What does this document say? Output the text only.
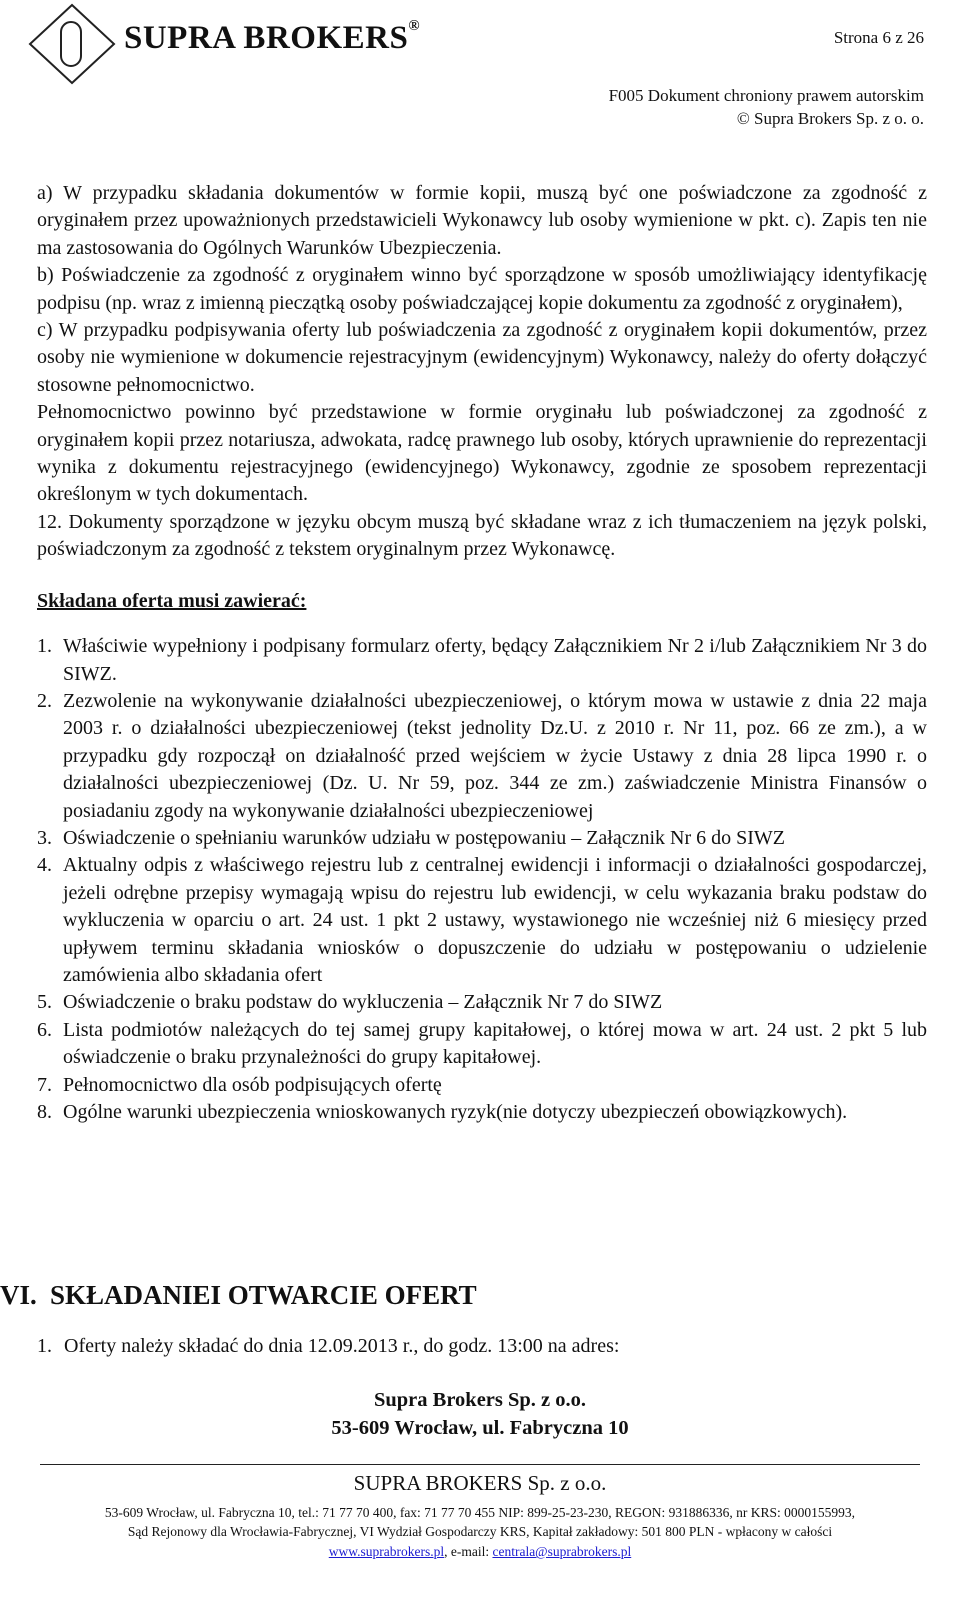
SUPRA BROKERS®
Strona 6 z 26
F005 Dokument chroniony prawem autorskim
© Supra Brokers Sp. z o. o.

a) W przypadku składania dokumentów w formie kopii, muszą być one poświadczone za zgodność z oryginałem przez upoważnionych przedstawicieli Wykonawcy lub osoby wymienione w pkt. c). Zapis ten nie ma zastosowania do Ogólnych Warunków Ubezpieczenia.

b) Poświadczenie za zgodność z oryginałem winno być sporządzone w sposób umożliwiający identyfikację podpisu (np. wraz z imienną pieczątką osoby poświadczającej kopie dokumentu za zgodność z oryginałem),

c) W przypadku podpisywania oferty lub poświadczenia za zgodność z oryginałem kopii dokumentów, przez osoby nie wymienione w dokumencie rejestracyjnym (ewidencyjnym) Wykonawcy, należy do oferty dołączyć stosowne pełnomocnictwo.

Pełnomocnictwo powinno być przedstawione w formie oryginału lub poświadczonej za zgodność z oryginałem kopii przez notariusza, adwokata, radcę prawnego lub osoby, których uprawnienie do reprezentacji wynika z dokumentu rejestracyjnego (ewidencyjnego) Wykonawcy, zgodnie ze sposobem reprezentacji określonym w tych dokumentach.

12. Dokumenty sporządzone w języku obcym muszą być składane wraz z ich tłumaczeniem na język polski, poświadczonym za zgodność z tekstem oryginalnym przez Wykonawcę.

Składana oferta musi zawierać:

1. Właściwie wypełniony i podpisany formularz oferty, będący Załącznikiem Nr 2 i/lub Załącznikiem Nr 3 do SIWZ.
2. Zezwolenie na wykonywanie działalności ubezpieczeniowej, o którym mowa w ustawie z dnia 22 maja 2003 r. o działalności ubezpieczeniowej (tekst jednolity Dz.U. z 2010 r. Nr 11, poz. 66 ze zm.), a w przypadku gdy rozpoczął on działalność przed wejściem w życie Ustawy z dnia 28 lipca 1990 r. o działalności ubezpieczeniowej (Dz. U. Nr 59, poz. 344 ze zm.) zaświadczenie Ministra Finansów o posiadaniu zgody na wykonywanie działalności ubezpieczeniowej
3. Oświadczenie o spełnianiu warunków udziału w postępowaniu – Załącznik Nr 6 do SIWZ
4. Aktualny odpis z właściwego rejestru lub z centralnej ewidencji i informacji o działalności gospodarczej, jeżeli odrębne przepisy wymagają wpisu do rejestru lub ewidencji, w celu wykazania braku podstaw do wykluczenia w oparciu o art. 24 ust. 1 pkt 2 ustawy, wystawionego nie wcześniej niż 6 miesięcy przed upływem terminu składania wniosków o dopuszczenie do udziału w postępowaniu o udzielenie zamówienia albo składania ofert
5. Oświadczenie o braku podstaw do wykluczenia – Załącznik Nr 7 do SIWZ
6. Lista podmiotów należących do tej samej grupy kapitałowej, o której mowa w art. 24 ust. 2 pkt 5 lub oświadczenie o braku przynależności do grupy kapitałowej.
7. Pełnomocnictwo dla osób podpisujących ofertę
8. Ogólne warunki ubezpieczenia wnioskowanych ryzyk(nie dotyczy ubezpieczeń obowiązkowych).
VI. SKŁADANIEI OTWARCIE OFERT
1. Oferty należy składać do dnia 12.09.2013 r., do godz. 13:00 na adres:
Supra Brokers Sp. z o.o.
53-609 Wrocław, ul. Fabryczna 10
SUPRA BROKERS Sp. z o.o.
53-609 Wrocław, ul. Fabryczna 10, tel.: 71 77 70 400, fax: 71 77 70 455 NIP: 899-25-23-230, REGON: 931886336, nr KRS: 0000155993,
Sąd Rejonowy dla Wrocławia-Fabrycznej, VI Wydział Gospodarczy KRS, Kapitał zakładowy: 501 800 PLN - wpłacony w całości
www.suprabrokers.pl, e-mail: centrala@suprabrokers.pl
